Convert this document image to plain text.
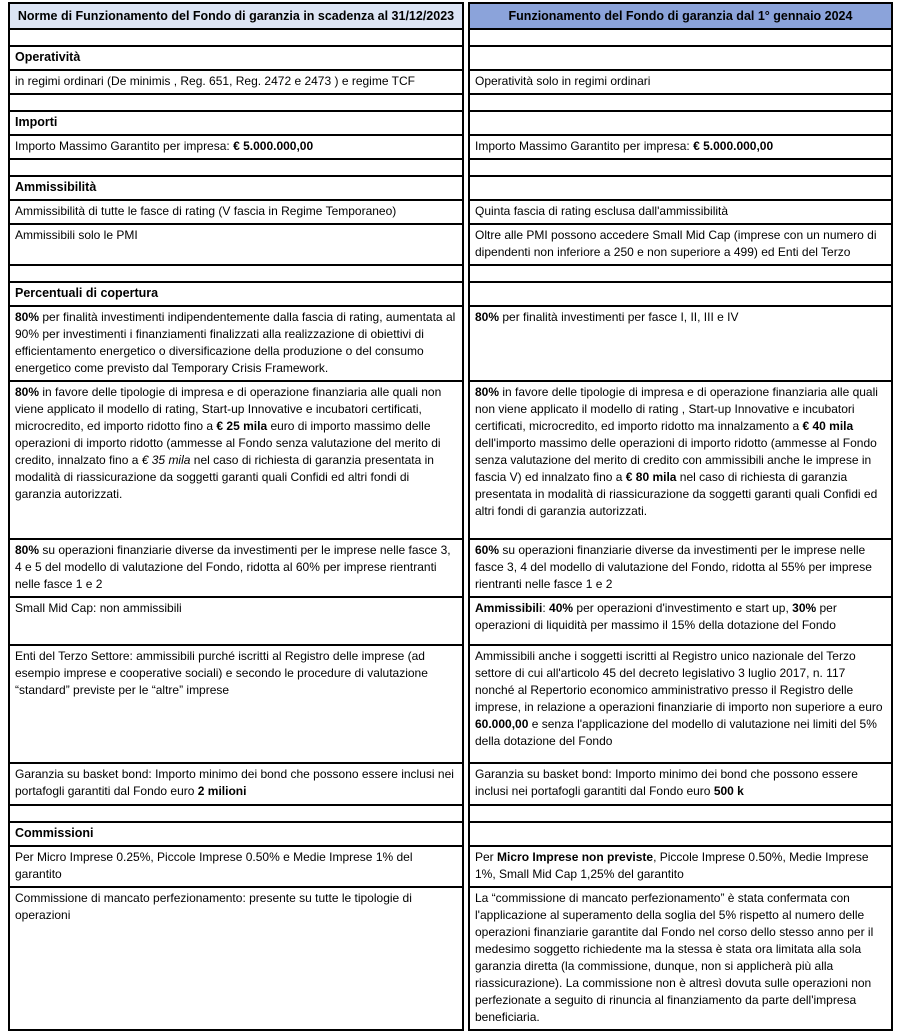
Norme di Funzionamento del Fondo di garanzia in scadenza al 31/12/2023		Funzionamento del Fondo di garanzia dal 1° gennaio 2024

Operatività		
in regimi ordinari (De minimis , Reg. 651, Reg. 2472 e 2473 ) e regime TCF		Operatività solo in regimi ordinari

Importi		
Importo Massimo Garantito per impresa: € 5.000.000,00		Importo Massimo Garantito per impresa: € 5.000.000,00

Ammissibilità		
Ammissibilità di tutte le fasce di rating (V fascia in Regime Temporaneo)		Quinta fascia di rating esclusa dall'ammissibilità
Ammissibili solo le PMI		Oltre alle PMI possono accedere Small Mid Cap (imprese con un numero di dipendenti non inferiore a 250 e non superiore a 499) ed Enti del Terzo

Percentuali di copertura		
80% per finalità investimenti indipendentemente dalla fascia di rating, aumentata al 90% per investimenti i finanziamenti finalizzati alla realizzazione di obiettivi di efficientamento energetico o diversificazione della produzione o del consumo energetico come previsto dal Temporary Crisis Framework.		80% per finalità investimenti per fasce I, II, III e IV
80% in favore delle tipologie di impresa e di operazione finanziaria alle quali non viene applicato il modello di rating, Start-up Innovative e incubatori certificati, microcredito, ed importo ridotto fino a € 25 mila euro di importo massimo delle operazioni di importo ridotto (ammesse al Fondo senza valutazione del merito di credito, innalzato fino a € 35 mila nel caso di richiesta di garanzia presentata in modalità di riassicurazione da soggetti garanti quali Confidi ed altri fondi di garanzia autorizzati.		80% in favore delle tipologie di impresa e di operazione finanziaria alle quali non viene applicato il modello di rating , Start-up Innovative e incubatori certificati, microcredito, ed importo ridotto ma innalzamento a € 40 mila dell'importo massimo delle operazioni di importo ridotto (ammesse al Fondo senza valutazione del merito di credito con ammissibili anche le imprese in fascia V) ed innalzato fino a € 80 mila nel caso di richiesta di garanzia presentata in modalità di riassicurazione da soggetti garanti quali Confidi ed altri fondi di garanzia autorizzati.
80% su operazioni finanziarie diverse da investimenti per le imprese nelle fasce 3, 4 e 5 del modello di valutazione del Fondo, ridotta al 60% per imprese rientranti nelle fasce 1 e 2		60% su operazioni finanziarie diverse da investimenti per le imprese nelle fasce 3, 4 del modello di valutazione del Fondo, ridotta al 55% per imprese rientranti nelle fasce 1 e 2
Small Mid Cap: non ammissibili		Ammissibili: 40% per operazioni d'investimento e start up, 30% per operazioni di liquidità per massimo il 15% della dotazione del Fondo
Enti del Terzo Settore: ammissibili purché iscritti al Registro delle imprese (ad esempio imprese e cooperative sociali) e secondo le procedure di valutazione “standard” previste per le “altre” imprese		Ammissibili anche i soggetti iscritti al Registro unico nazionale del Terzo settore di cui all'articolo 45 del decreto legislativo 3 luglio 2017, n. 117 nonché al Repertorio economico amministrativo presso il Registro delle imprese, in relazione a operazioni finanziarie di importo non superiore a euro 60.000,00 e senza l'applicazione del modello di valutazione nei limiti del 5% della dotazione del Fondo
Garanzia su basket bond: Importo minimo dei bond che possono essere inclusi nei portafogli garantiti dal Fondo euro 2 milioni		Garanzia su basket bond: Importo minimo dei bond che possono essere inclusi nei portafogli garantiti dal Fondo euro 500 k

Commissioni		
Per Micro Imprese 0.25%, Piccole Imprese 0.50% e Medie Imprese 1% del garantito		Per Micro Imprese non previste, Piccole Imprese 0.50%, Medie Imprese 1%, Small Mid Cap 1,25% del garantito
Commissione di mancato perfezionamento: presente su tutte le tipologie di operazioni		La “commissione di mancato perfezionamento” è stata confermata con l'applicazione al superamento della soglia del 5% rispetto al numero delle operazioni finanziarie garantite dal Fondo nel corso dello stesso anno per il medesimo soggetto richiedente ma la stessa è stata ora limitata alla sola garanzia diretta (la commissione, dunque, non si applicherà più alla riassicurazione). La commissione non è altresì dovuta sulle operazioni non perfezionate a seguito di rinuncia al finanziamento da parte dell'impresa beneficiaria.
